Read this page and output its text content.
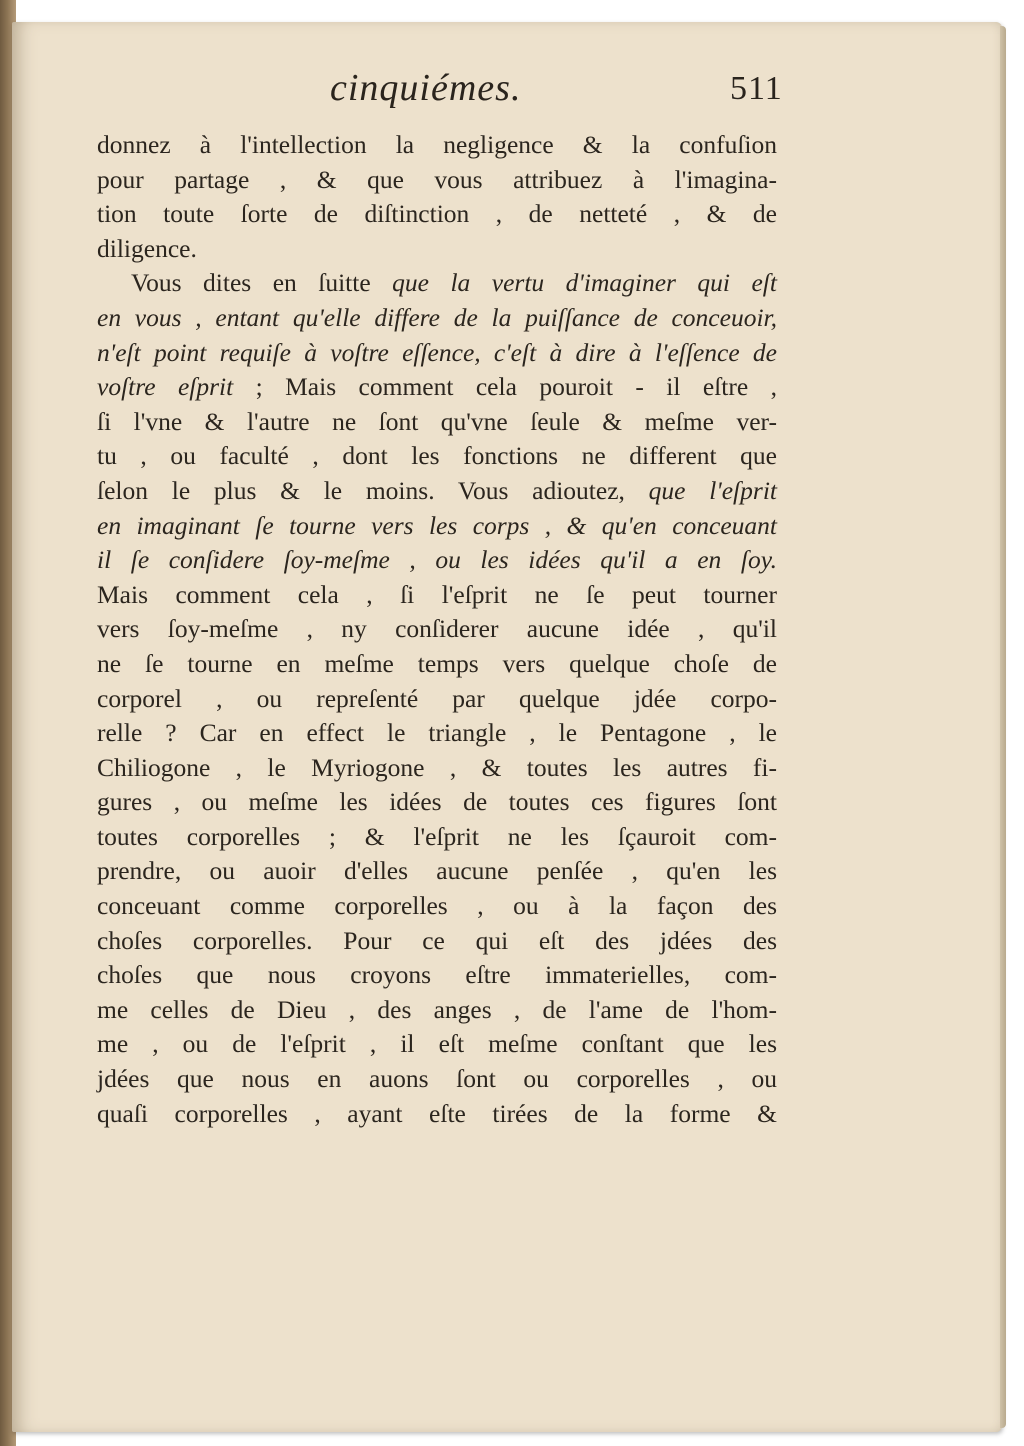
cinquiémes.	511
donnez à l'intellection la negligence & la confuſion
pour partage , & que vous attribuez à l'imagina-
tion toute ſorte de diſtinction , de netteté , & de
diligence.
Vous dites en ſuitte que la vertu d'imaginer qui eſt
en vous , entant qu'elle differe de la puiſſance de conceuoir,
n'eſt point requiſe à voſtre eſſence, c'eſt à dire à l'eſſence de
voſtre eſprit ; Mais comment cela pouroit - il eſtre ,
ſi l'vne & l'autre ne ſont qu'vne ſeule & meſme ver-
tu , ou faculté , dont les fonctions ne different que
ſelon le plus & le moins. Vous adioutez, que l'eſprit
en imaginant ſe tourne vers les corps , & qu'en conceuant
il ſe conſidere ſoy-meſme , ou les idées qu'il a en ſoy.
Mais comment cela , ſi l'eſprit ne ſe peut tourner
vers ſoy-meſme , ny conſiderer aucune idée , qu'il
ne ſe tourne en meſme temps vers quelque choſe de
corporel , ou repreſenté par quelque jdée corpo-
relle ? Car en effect le triangle , le Pentagone , le
Chiliogone , le Myriogone , & toutes les autres fi-
gures , ou meſme les idées de toutes ces figures ſont
toutes corporelles ; & l'eſprit ne les ſçauroit com-
prendre, ou auoir d'elles aucune penſée , qu'en les
conceuant comme corporelles , ou à la façon des
choſes corporelles. Pour ce qui eſt des jdées des
choſes que nous croyons eſtre immaterielles, com-
me celles de Dieu , des anges , de l'ame de l'hom-
me , ou de l'eſprit , il eſt meſme conſtant que les
jdées que nous en auons ſont ou corporelles , ou
quaſi corporelles , ayant eſte tirées de la forme &
